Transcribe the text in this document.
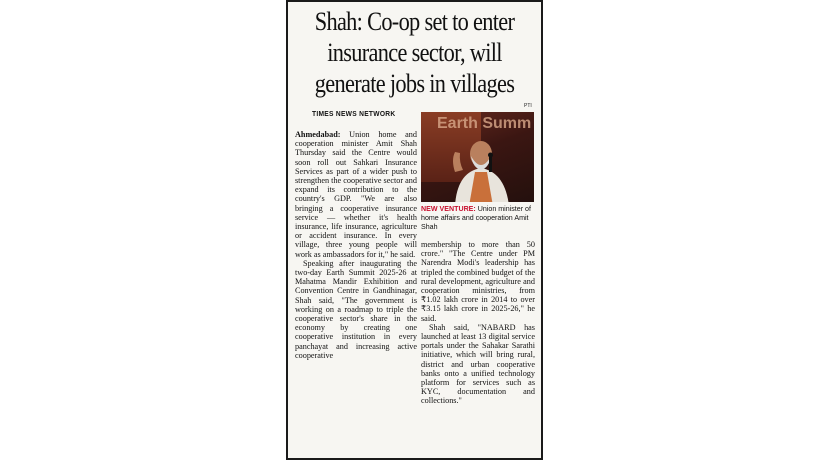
Shah: Co-op set to enter
insurance sector, will
generate jobs in villages
TIMES NEWS NETWORK
PTI
Earth Summ
NEW VENTURE: Union minister of home affairs and cooperation Amit Shah

Ahmedabad: Union home and cooperation minister Amit Shah Thursday said the Centre would soon roll out Sahkari Insurance Services as part of a wider push to strengthen the cooperative sector and expand its contribution to the country's GDP. "We are also bringing a cooperative insurance service — whether it's health insurance, life insurance, agriculture or accident insurance. In every village, three young people will work as ambassadors for it," he said.

Speaking after inaugurating the two-day Earth Summit 2025-26 at Mahatma Mandir Exhibition and Convention Centre in Gandhinagar, Shah said, "The government is working on a roadmap to triple the cooperative sector's share in the economy by creating one cooperative institution in every panchayat and increasing active cooperative

membership to more than 50 crore." "The Centre under PM Narendra Modi's leadership has tripled the combined budget of the rural development, agriculture and cooperation ministries, from ₹1.02 lakh crore in 2014 to over ₹3.15 lakh crore in 2025-26," he said.

Shah said, "NABARD has launched at least 13 digital service portals under the Sahakar Sarathi initiative, which will bring rural, district and urban cooperative banks onto a unified technology platform for services such as KYC, documentation and collections."
